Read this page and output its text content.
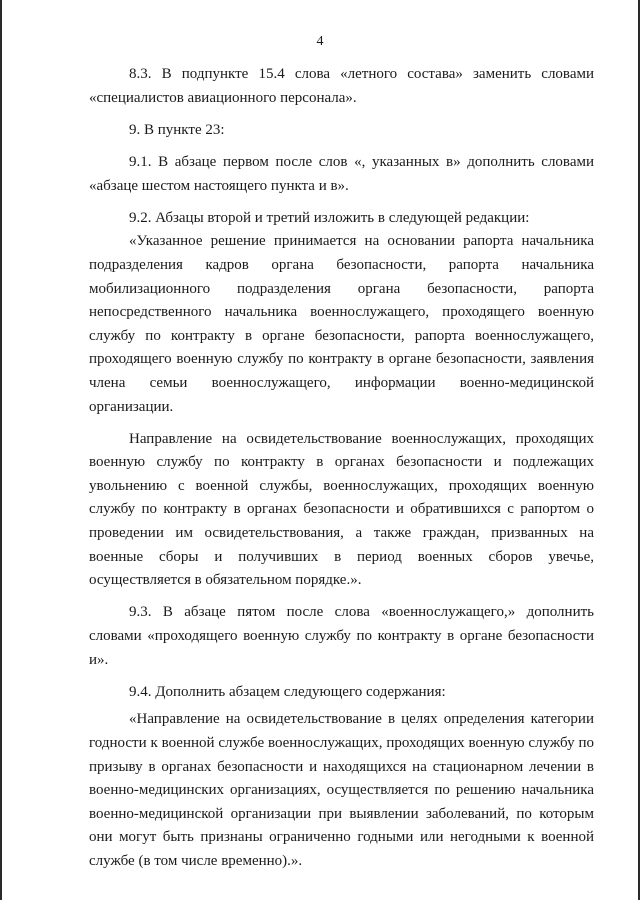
4

8.3. В подпункте 15.4 слова «летного состава» заменить словами «специалистов авиационного персонала».

9. В пункте 23:

9.1. В абзаце первом после слов «, указанных в» дополнить словами «абзаце шестом настоящего пункта и в».

9.2. Абзацы второй и третий изложить в следующей редакции:

«Указанное решение принимается на основании рапорта начальника подразделения кадров органа безопасности, рапорта начальника мобилизационного подразделения органа безопасности, рапорта непосредственного начальника военнослужащего, проходящего военную службу по контракту в органе безопасности, рапорта военнослужащего, проходящего военную службу по контракту в органе безопасности, заявления члена семьи военнослужащего, информации военно-медицинской организации.

Направление на освидетельствование военнослужащих, проходящих военную службу по контракту в органах безопасности и подлежащих увольнению с военной службы, военнослужащих, проходящих военную службу по контракту в органах безопасности и обратившихся с рапортом о проведении им освидетельствования, а также граждан, призванных на военные сборы и получивших в период военных сборов увечье, осуществляется в обязательном порядке.».

9.3. В абзаце пятом после слова «военнослужащего,» дополнить словами «проходящего военную службу по контракту в органе безопасности и».

9.4. Дополнить абзацем следующего содержания:

«Направление на освидетельствование в целях определения категории годности к военной службе военнослужащих, проходящих военную службу по призыву в органах безопасности и находящихся на стационарном лечении в военно-медицинских организациях, осуществляется по решению начальника военно-медицинской организации при выявлении заболеваний, по которым они могут быть признаны ограниченно годными или негодными к военной службе (в том числе временно).».
